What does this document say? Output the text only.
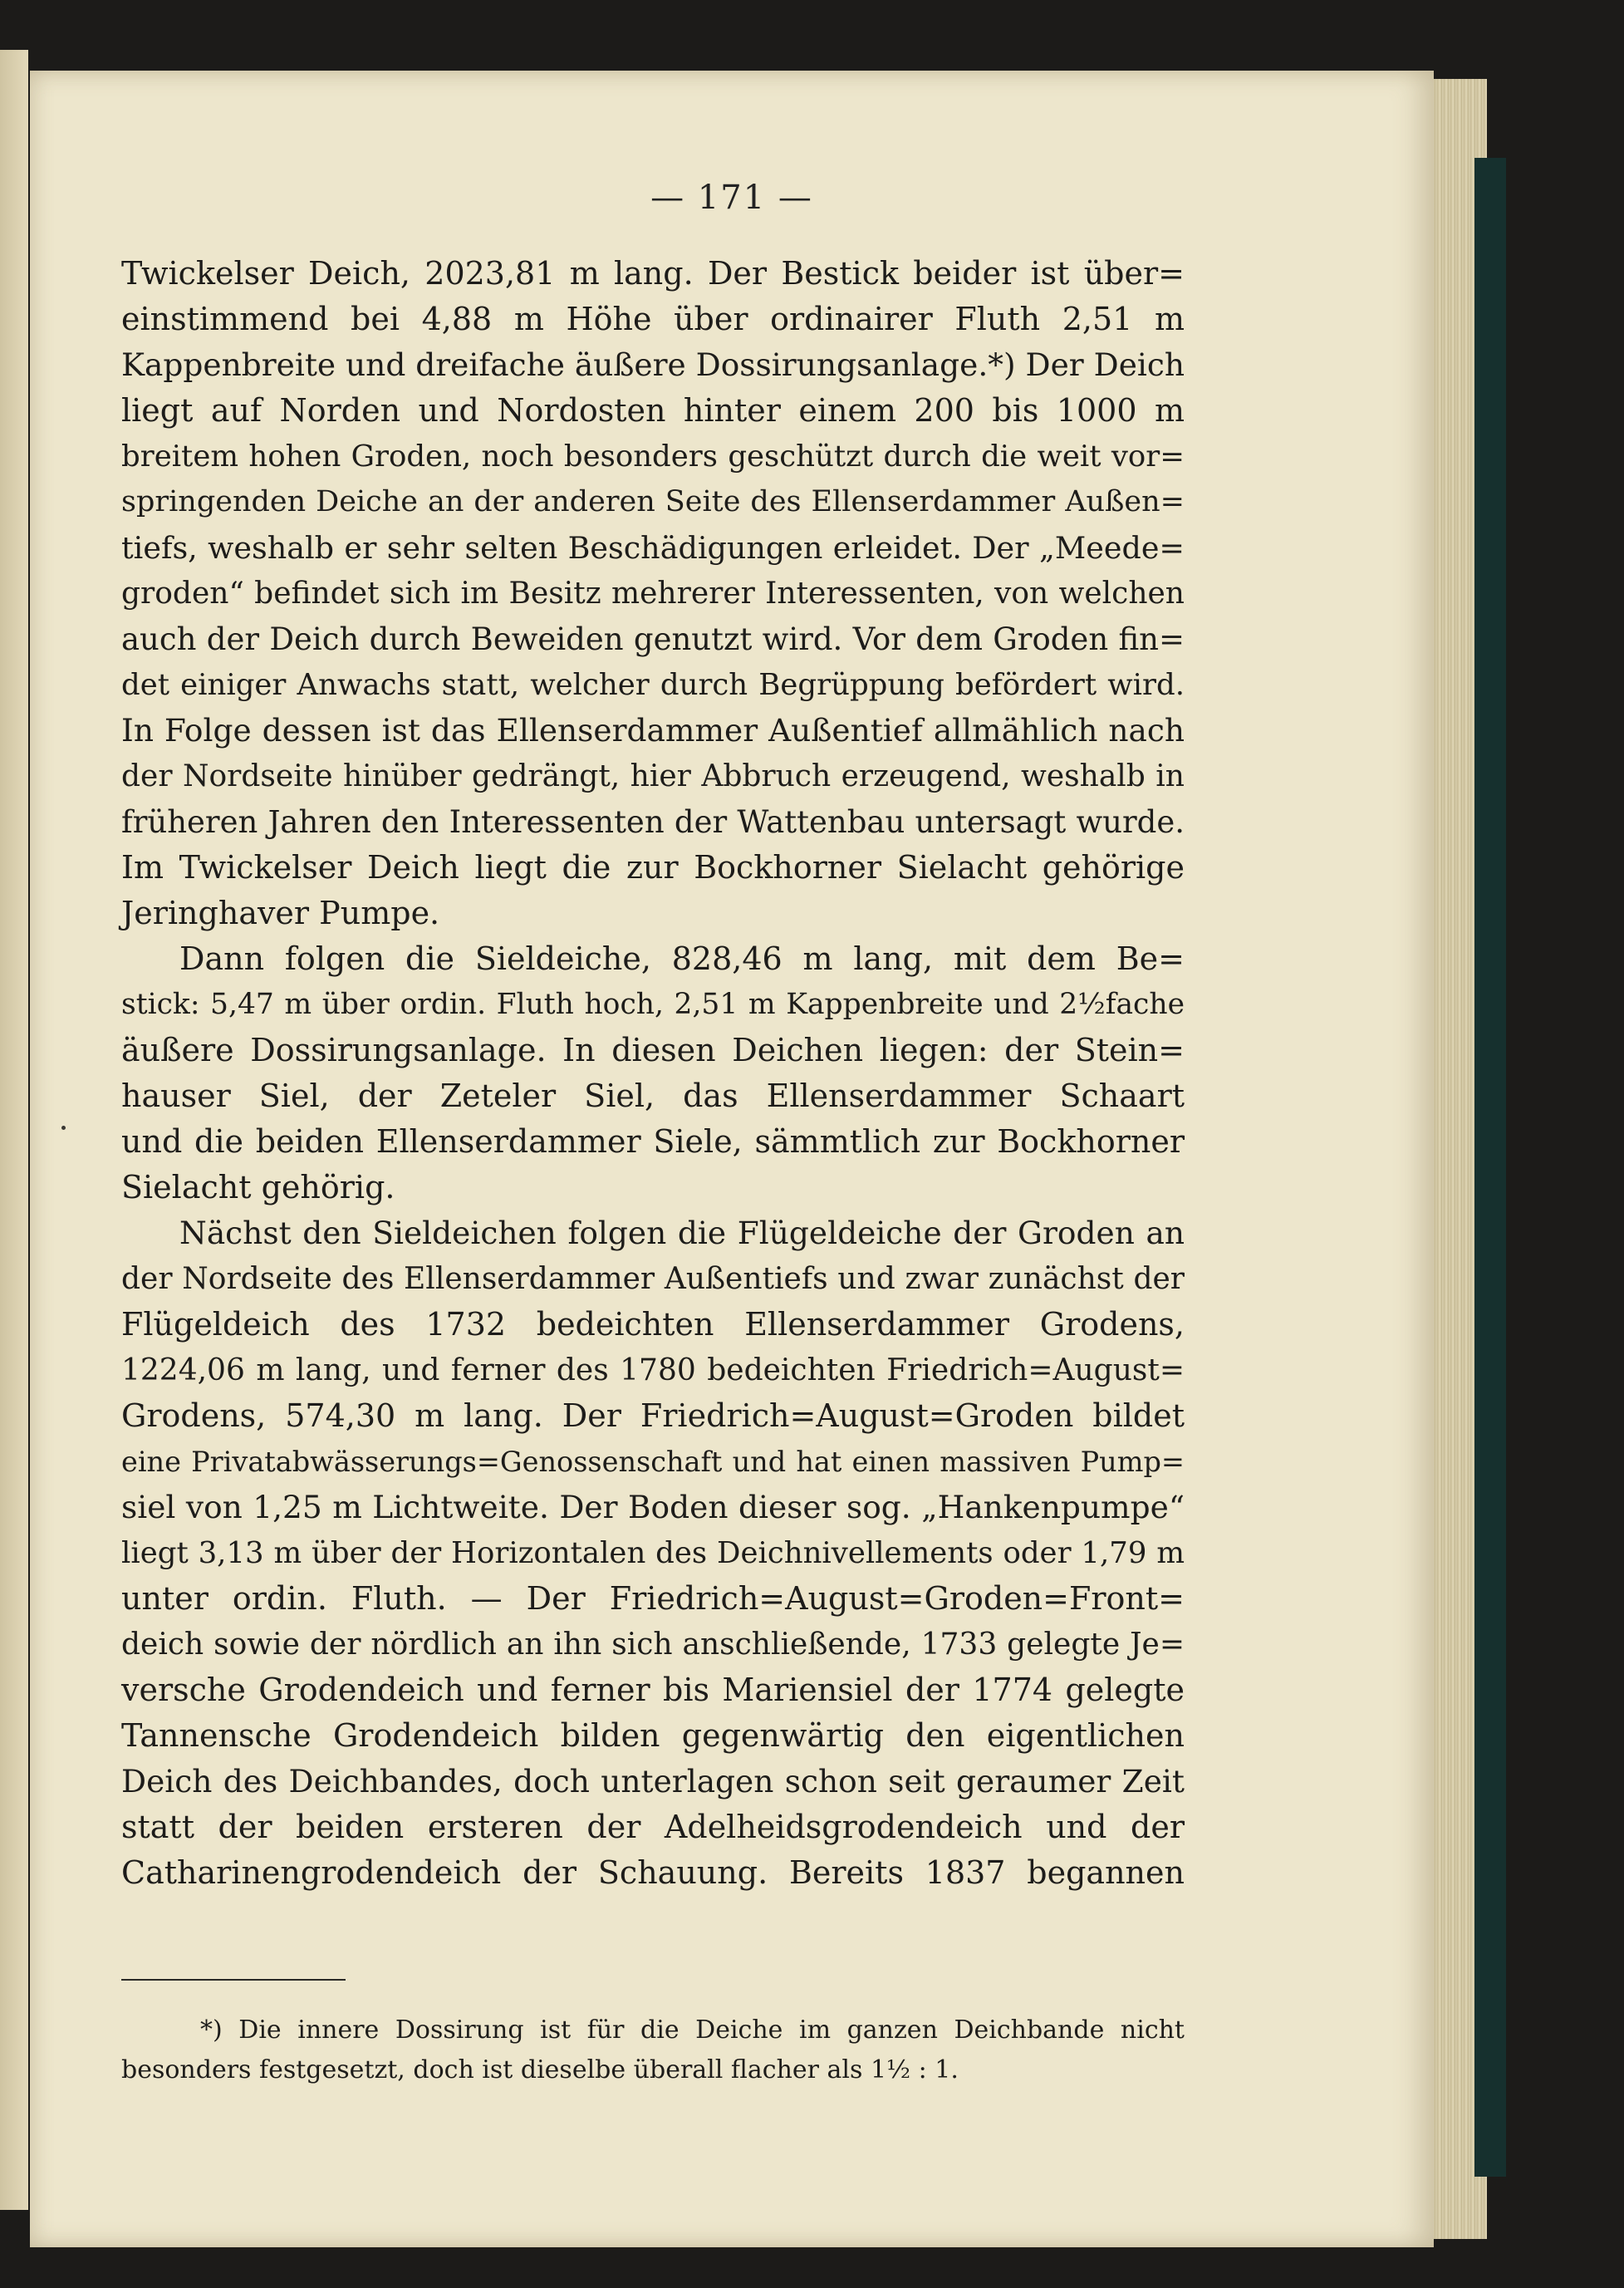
— 171 —
Twickelser Deich, 2023,81 m lang. Der Bestick beider ist über=
einstimmend bei 4,88 m Höhe über ordinairer Fluth 2,51 m
Kappenbreite und dreifache äußere Dossirungsanlage.*) Der Deich
liegt auf Norden und Nordosten hinter einem 200 bis 1000 m
breitem hohen Groden, noch besonders geschützt durch die weit vor=
springenden Deiche an der anderen Seite des Ellenserdammer Außen=
tiefs, weshalb er sehr selten Beschädigungen erleidet. Der „Meede=
groden“ befindet sich im Besitz mehrerer Interessenten, von welchen
auch der Deich durch Beweiden genutzt wird. Vor dem Groden fin=
det einiger Anwachs statt, welcher durch Begrüppung befördert wird.
In Folge dessen ist das Ellenserdammer Außentief allmählich nach
der Nordseite hinüber gedrängt, hier Abbruch erzeugend, weshalb in
früheren Jahren den Interessenten der Wattenbau untersagt wurde.
Im Twickelser Deich liegt die zur Bockhorner Sielacht gehörige
Jeringhaver Pumpe.
Dann folgen die Sieldeiche, 828,46 m lang, mit dem Be=
stick: 5,47 m über ordin. Fluth hoch, 2,51 m Kappenbreite und 2½fache
äußere Dossirungsanlage. In diesen Deichen liegen: der Stein=
hauser Siel, der Zeteler Siel, das Ellenserdammer Schaart
und die beiden Ellenserdammer Siele, sämmtlich zur Bockhorner
Sielacht gehörig.
Nächst den Sieldeichen folgen die Flügeldeiche der Groden an
der Nordseite des Ellenserdammer Außentiefs und zwar zunächst der
Flügeldeich des 1732 bedeichten Ellenserdammer Grodens,
1224,06 m lang, und ferner des 1780 bedeichten Friedrich=August=
Grodens, 574,30 m lang. Der Friedrich=August=Groden bildet
eine Privatabwässerungs=Genossenschaft und hat einen massiven Pump=
siel von 1,25 m Lichtweite. Der Boden dieser sog. „Hankenpumpe“
liegt 3,13 m über der Horizontalen des Deichnivellements oder 1,79 m
unter ordin. Fluth. — Der Friedrich=August=Groden=Front=
deich sowie der nördlich an ihn sich anschließende, 1733 gelegte Je=
versche Grodendeich und ferner bis Mariensiel der 1774 gelegte
Tannensche Grodendeich bilden gegenwärtig den eigentlichen
Deich des Deichbandes, doch unterlagen schon seit geraumer Zeit
statt der beiden ersteren der Adelheidsgrodendeich und der
Catharinengrodendeich der Schauung. Bereits 1837 begannen
*) Die innere Dossirung ist für die Deiche im ganzen Deichbande nicht
besonders festgesetzt, doch ist dieselbe überall flacher als 1½ : 1.
